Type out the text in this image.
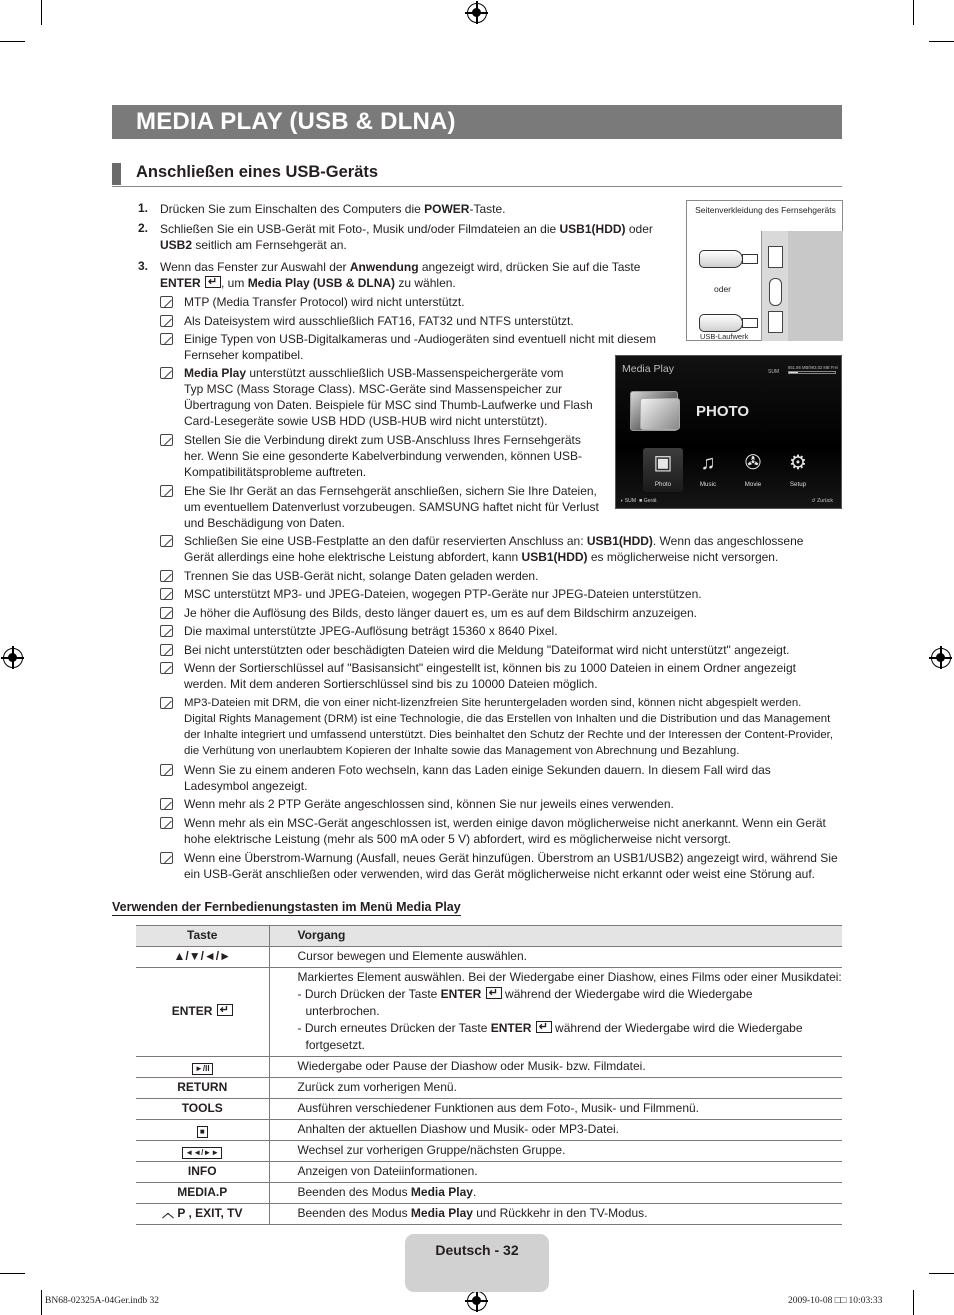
MEDIA PLAY (USB & DLNA)
Anschließen eines USB-Geräts
1. Drücken Sie zum Einschalten des Computers die POWER-Taste.
2. Schließen Sie ein USB-Gerät mit Foto-, Musik und/oder Filmdateien an die USB1(HDD) oder
USB2 seitlich am Fernsehgerät an.
3. Wenn das Fenster zur Auswahl der Anwendung angezeigt wird, drücken Sie auf die Taste
ENTER ↵ , um Media Play (USB & DLNA) zu wählen.
MTP (Media Transfer Protocol) wird nicht unterstützt.
Als Dateisystem wird ausschließlich FAT16, FAT32 und NTFS unterstützt.
Einige Typen von USB-Digitalkameras und -Audiogeräten sind eventuell nicht mit diesem
Fernseher kompatibel.
Media Play unterstützt ausschließlich USB-Massenspeichergeräte vom
Typ MSC (Mass Storage Class). MSC-Geräte sind Massenspeicher zur
Übertragung von Daten. Beispiele für MSC sind Thumb-Laufwerke und Flash
Card-Lesegeräte sowie USB HDD (USB-HUB wird nicht unterstützt).
Stellen Sie die Verbindung direkt zum USB-Anschluss Ihres Fernsehgeräts
her. Wenn Sie eine gesonderte Kabelverbindung verwenden, können USB-
Kompatibilitätsprobleme auftreten.
Ehe Sie Ihr Gerät an das Fernsehgerät anschließen, sichern Sie Ihre Dateien,
um eventuellem Datenverlust vorzubeugen. SAMSUNG haftet nicht für Verlust
und Beschädigung von Daten.
Schließen Sie eine USB-Festplatte an den dafür reservierten Anschluss an: USB1(HDD). Wenn das angeschlossene
Gerät allerdings eine hohe elektrische Leistung abfordert, kann USB1(HDD) es möglicherweise nicht versorgen.
Trennen Sie das USB-Gerät nicht, solange Daten geladen werden.
MSC unterstützt MP3- und JPEG-Dateien, wogegen PTP-Geräte nur JPEG-Dateien unterstützen.
Je höher die Auflösung des Bilds, desto länger dauert es, um es auf dem Bildschirm anzuzeigen.
Die maximal unterstützte JPEG-Auflösung beträgt 15360 x 8640 Pixel.
Bei nicht unterstützten oder beschädigten Dateien wird die Meldung "Dateiformat wird nicht unterstützt" angezeigt.
Wenn der Sortierschlüssel auf "Basisansicht" eingestellt ist, können bis zu 1000 Dateien in einem Ordner angezeigt
werden. Mit dem anderen Sortierschlüssel sind bis zu 10000 Dateien möglich.
MP3-Dateien mit DRM, die von einer nicht-lizenzfreien Site heruntergeladen worden sind, können nicht abgespielt werden.
Digital Rights Management (DRM) ist eine Technologie, die das Erstellen von Inhalten und die Distribution und das Management
der Inhalte integriert und umfassend unterstützt. Dies beinhaltet den Schutz der Rechte und der Interessen der Content-Provider,
die Verhütung von unerlaubtem Kopieren der Inhalte sowie das Management von Abrechnung und Bezahlung.
Wenn Sie zu einem anderen Foto wechseln, kann das Laden einige Sekunden dauern. In diesem Fall wird das
Ladesymbol angezeigt.
Wenn mehr als 2 PTP Geräte angeschlossen sind, können Sie nur jeweils eines verwenden.
Wenn mehr als ein MSC-Gerät angeschlossen ist, werden einige davon möglicherweise nicht anerkannt. Wenn ein Gerät
hohe elektrische Leistung (mehr als 500 mA oder 5 V) abfordert, wird es möglicherweise nicht versorgt.
Wenn eine Überstrom-Warnung (Ausfall, neues Gerät hinzufügen. Überstrom an USB1/USB2) angezeigt wird, während Sie
ein USB-Gerät anschließen oder verwenden, wird das Gerät möglicherweise nicht erkannt oder weist eine Störung auf.
Seitenverkleidung des Fernsehgeräts
oder
USB-Laufwerk
Media Play	851.86 MB/993.02 MB Frei
SUM
PHOTO
▣
Photo
♫
Music
✇
Movie
⚙
Setup
◖ SUM  ■ Gerät	↺ Zurück
Verwenden der Fernbedienungstasten im Menü Media Play
Taste	Vorgang
▲/▼/◄/►	Cursor bewegen und Elemente auswählen.
ENTER ↵	Markiertes Element auswählen. Bei der Wiedergabe einer Diashow, eines Films oder einer Musikdatei:
- Durch Drücken der Taste ENTER ↵ während der Wiedergabe wird die Wiedergabe
unterbrochen.
- Durch erneutes Drücken der Taste ENTER ↵ während der Wiedergabe wird die Wiedergabe
fortgesetzt.

►/II	Wiedergabe oder Pause der Diashow oder Musik- bzw. Filmdatei.
RETURN	Zurück zum vorherigen Menü.
TOOLS	Ausführen verschiedener Funktionen aus dem Foto-, Musik- und Filmmenü.
■	Anhalten der aktuellen Diashow und Musik- oder MP3-Datei.
◄◄/►►	Wechsel zur vorherigen Gruppe/nächsten Gruppe.
INFO	Anzeigen von Dateiinformationen.
MEDIA.P	Beenden des Modus Media Play.
︿ P , EXIT, TV	Beenden des Modus Media Play und Rückkehr in den TV-Modus.
Deutsch - 32
BN68-02325A-04Ger.indb 32	2009-10-08 □□ 10:03:33
